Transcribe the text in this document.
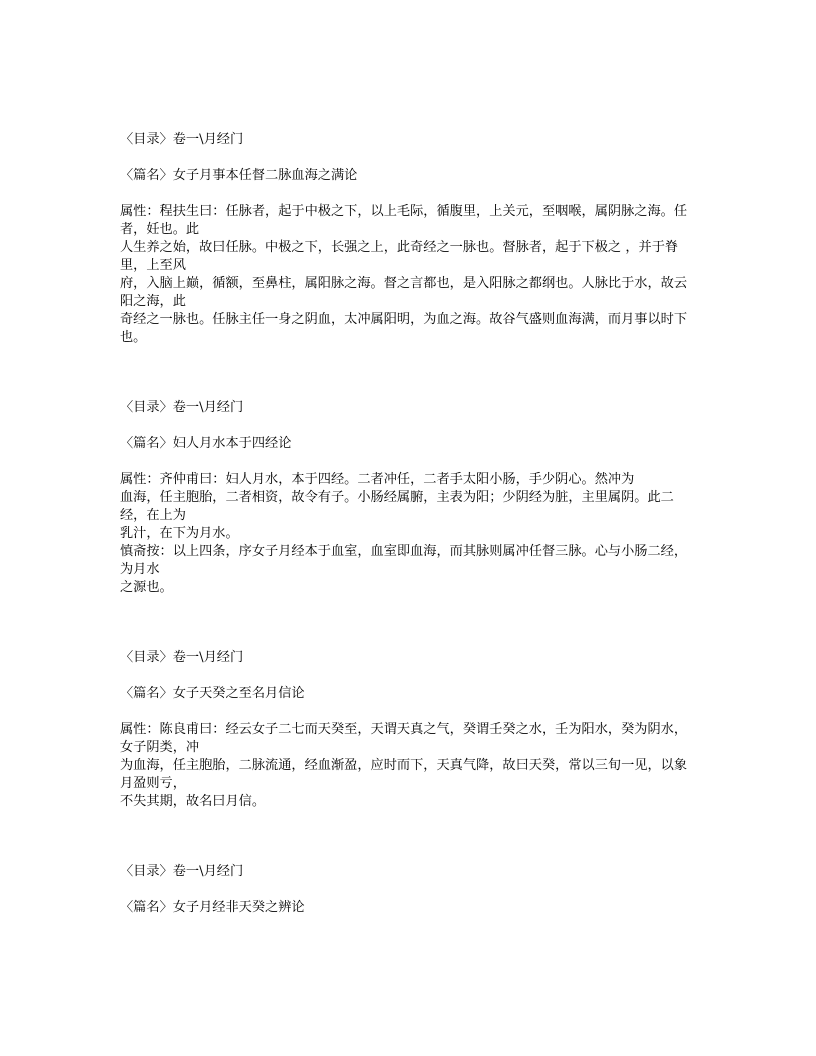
〈目录〉卷一\月经门

〈篇名〉女子月事本任督二脉血海之满论

属性：程扶生曰：任脉者，起于中极之下，以上毛际，循腹里，上关元，至咽喉，属阴脉之海。任者，妊也。此

人生养之始，故曰任脉。中极之下，长强之上，此奇经之一脉也。督脉者，起于下极之 ，并于脊里，上至风

府，入脑上巅，循额，至鼻柱，属阳脉之海。督之言都也，是入阳脉之都纲也。人脉比于水，故云阳之海，此

奇经之一脉也。任脉主任一身之阴血，太冲属阳明，为血之海。故谷气盛则血海满，而月事以时下也。

〈目录〉卷一\月经门

〈篇名〉妇人月水本于四经论

属性：齐仲甫曰：妇人月水，本于四经。二者冲任，二者手太阳小肠，手少阴心。然冲为

血海，任主胞胎，二者相资，故令有子。小肠经属腑，主表为阳；少阴经为脏，主里属阴。此二经，在上为

乳汁，在下为月水。

慎斋按：以上四条，序女子月经本于血室，血室即血海，而其脉则属冲任督三脉。心与小肠二经，为月水

之源也。

〈目录〉卷一\月经门

〈篇名〉女子天癸之至名月信论

属性：陈良甫曰：经云女子二七而天癸至，天谓天真之气，癸谓壬癸之水，壬为阳水，癸为阴水，女子阴类，冲

为血海，任主胞胎，二脉流通，经血渐盈，应时而下，天真气降，故曰天癸，常以三旬一见，以象月盈则亏，

不失其期，故名曰月信。

〈目录〉卷一\月经门

〈篇名〉女子月经非天癸之辨论
